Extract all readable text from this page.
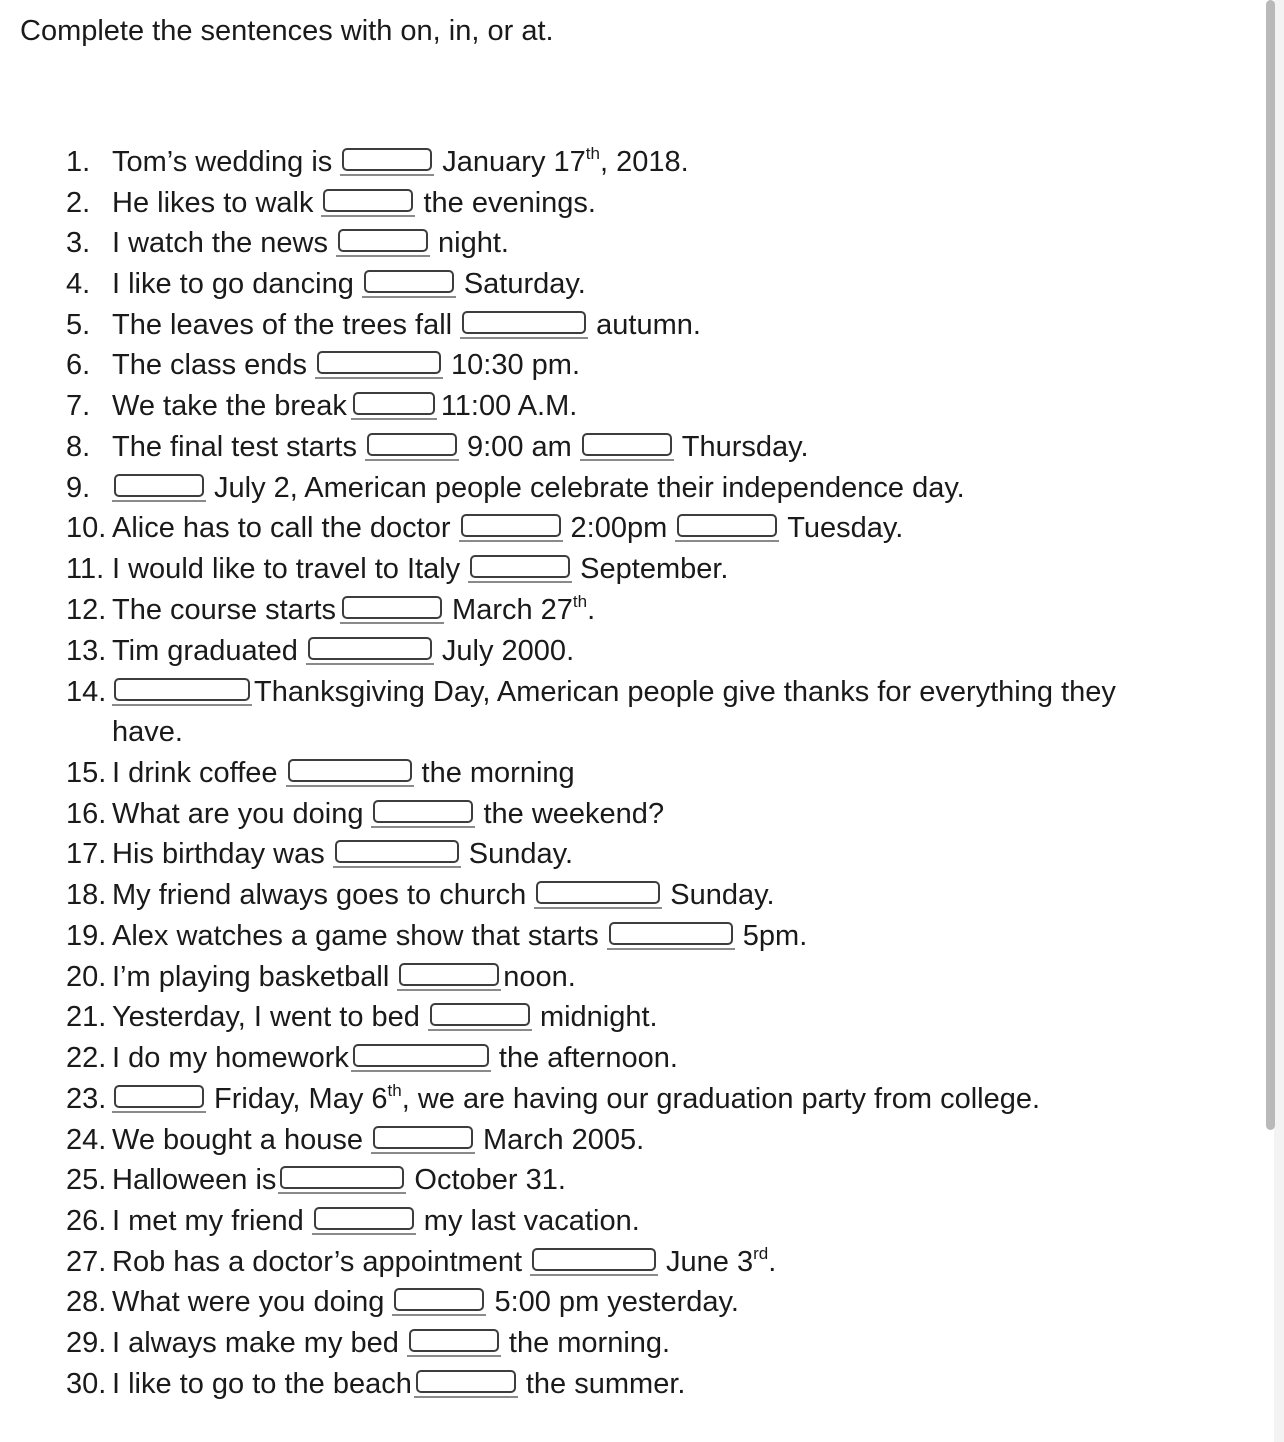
Complete the sentences with on, in, or at.
1. Tom’s wedding is	January 17th, 2018.
2. He likes to walk	the evenings.
3. I watch the news	night.
4. I like to go dancing	Saturday.
5. The leaves of the trees fall	autumn.
6. The class ends	10:30 pm.
7. We take the break	11:00 A.M.
8. The final test starts	9:00 am	Thursday.
9.	July 2, American people celebrate their independence day.
10. Alice has to call the doctor	2:00pm	Tuesday.
11. I would like to travel to Italy	September.
12. The course starts	March 27th.
13. Tim graduated	July 2000.
14.	Thanksgiving Day, American people give thanks for everything they
have.
15. I drink coffee	the morning
16. What are you doing	the weekend?
17. His birthday was	Sunday.
18. My friend always goes to church	Sunday.
19. Alex watches a game show that starts	5pm.
20. I’m playing basketball	noon.
21. Yesterday, I went to bed	midnight.
22. I do my homework	the afternoon.
23.	Friday, May 6th, we are having our graduation party from college.
24. We bought a house	March 2005.
25. Halloween is	October 31.
26. I met my friend	my last vacation.
27. Rob has a doctor’s appointment	June 3rd.
28. What were you doing	5:00 pm yesterday.
29. I always make my bed	the morning.
30. I like to go to the beach	the summer.
